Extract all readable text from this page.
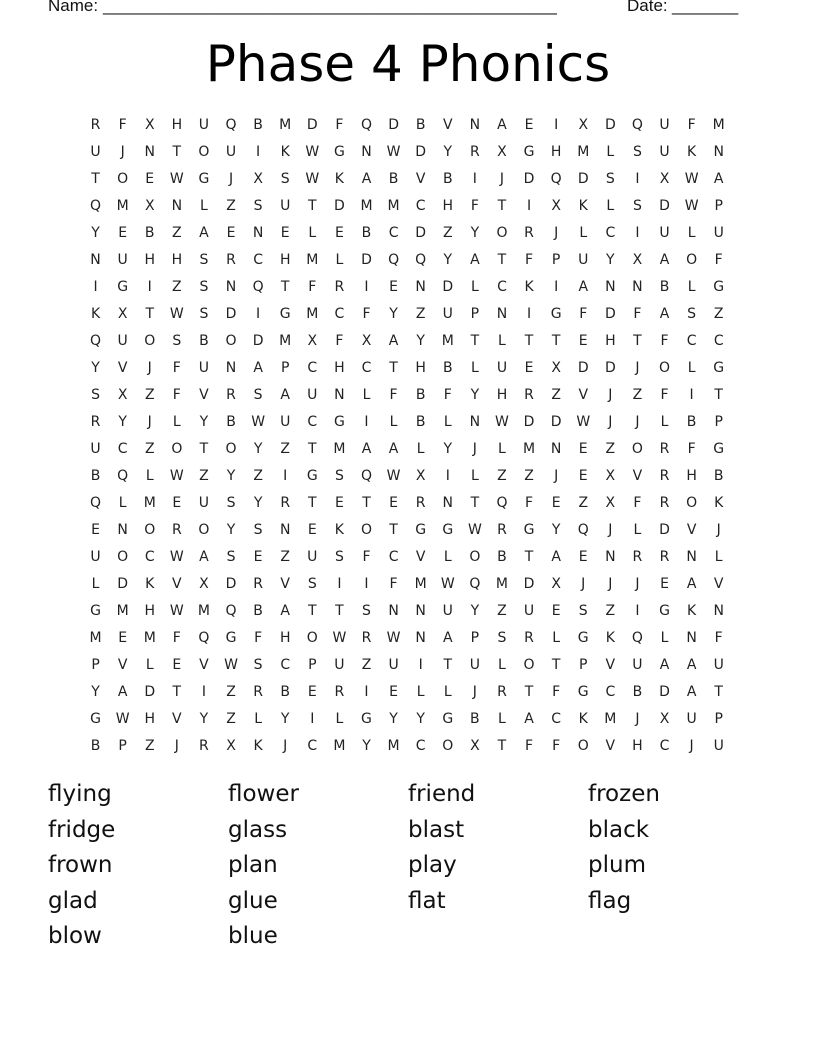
Name: ________________________________________________	Date: _______
Phase 4 Phonics
R	F	X	H	U	Q	B	M	D	F	Q	D	B	V	N	A	E	I	X	D	Q	U	F	M
U	J	N	T	O	U	I	K	W	G	N	W	D	Y	R	X	G	H	M	L	S	U	K	N
T	O	E	W	G	J	X	S	W	K	A	B	V	B	I	J	D	Q	D	S	I	X	W	A
Q	M	X	N	L	Z	S	U	T	D	M	M	C	H	F	T	I	X	K	L	S	D	W	P
Y	E	B	Z	A	E	N	E	L	E	B	C	D	Z	Y	O	R	J	L	C	I	U	L	U
N	U	H	H	S	R	C	H	M	L	D	Q	Q	Y	A	T	F	P	U	Y	X	A	O	F
I	G	I	Z	S	N	Q	T	F	R	I	E	N	D	L	C	K	I	A	N	N	B	L	G
K	X	T	W	S	D	I	G	M	C	F	Y	Z	U	P	N	I	G	F	D	F	A	S	Z
Q	U	O	S	B	O	D	M	X	F	X	A	Y	M	T	L	T	T	E	H	T	F	C	C
Y	V	J	F	U	N	A	P	C	H	C	T	H	B	L	U	E	X	D	D	J	O	L	G
S	X	Z	F	V	R	S	A	U	N	L	F	B	F	Y	H	R	Z	V	J	Z	F	I	T
R	Y	J	L	Y	B	W	U	C	G	I	L	B	L	N	W	D	D	W	J	J	L	B	P
U	C	Z	O	T	O	Y	Z	T	M	A	A	L	Y	J	L	M	N	E	Z	O	R	F	G
B	Q	L	W	Z	Y	Z	I	G	S	Q	W	X	I	L	Z	Z	J	E	X	V	R	H	B
Q	L	M	E	U	S	Y	R	T	E	T	E	R	N	T	Q	F	E	Z	X	F	R	O	K
E	N	O	R	O	Y	S	N	E	K	O	T	G	G	W	R	G	Y	Q	J	L	D	V	J
U	O	C	W	A	S	E	Z	U	S	F	C	V	L	O	B	T	A	E	N	R	R	N	L
L	D	K	V	X	D	R	V	S	I	I	F	M	W	Q	M	D	X	J	J	J	E	A	V
G	M	H	W	M	Q	B	A	T	T	S	N	N	U	Y	Z	U	E	S	Z	I	G	K	N
M	E	M	F	Q	G	F	H	O	W	R	W	N	A	P	S	R	L	G	K	Q	L	N	F
P	V	L	E	V	W	S	C	P	U	Z	U	I	T	U	L	O	T	P	V	U	A	A	U
Y	A	D	T	I	Z	R	B	E	R	I	E	L	L	J	R	T	F	G	C	B	D	A	T
G	W	H	V	Y	Z	L	Y	I	L	G	Y	Y	G	B	L	A	C	K	M	J	X	U	P
B	P	Z	J	R	X	K	J	C	M	Y	M	C	O	X	T	F	F	O	V	H	C	J	U
flying	flower	friend	frozen
fridge	glass	blast	black
frown	plan	play	plum
glad	glue	flat	flag
blow	blue
